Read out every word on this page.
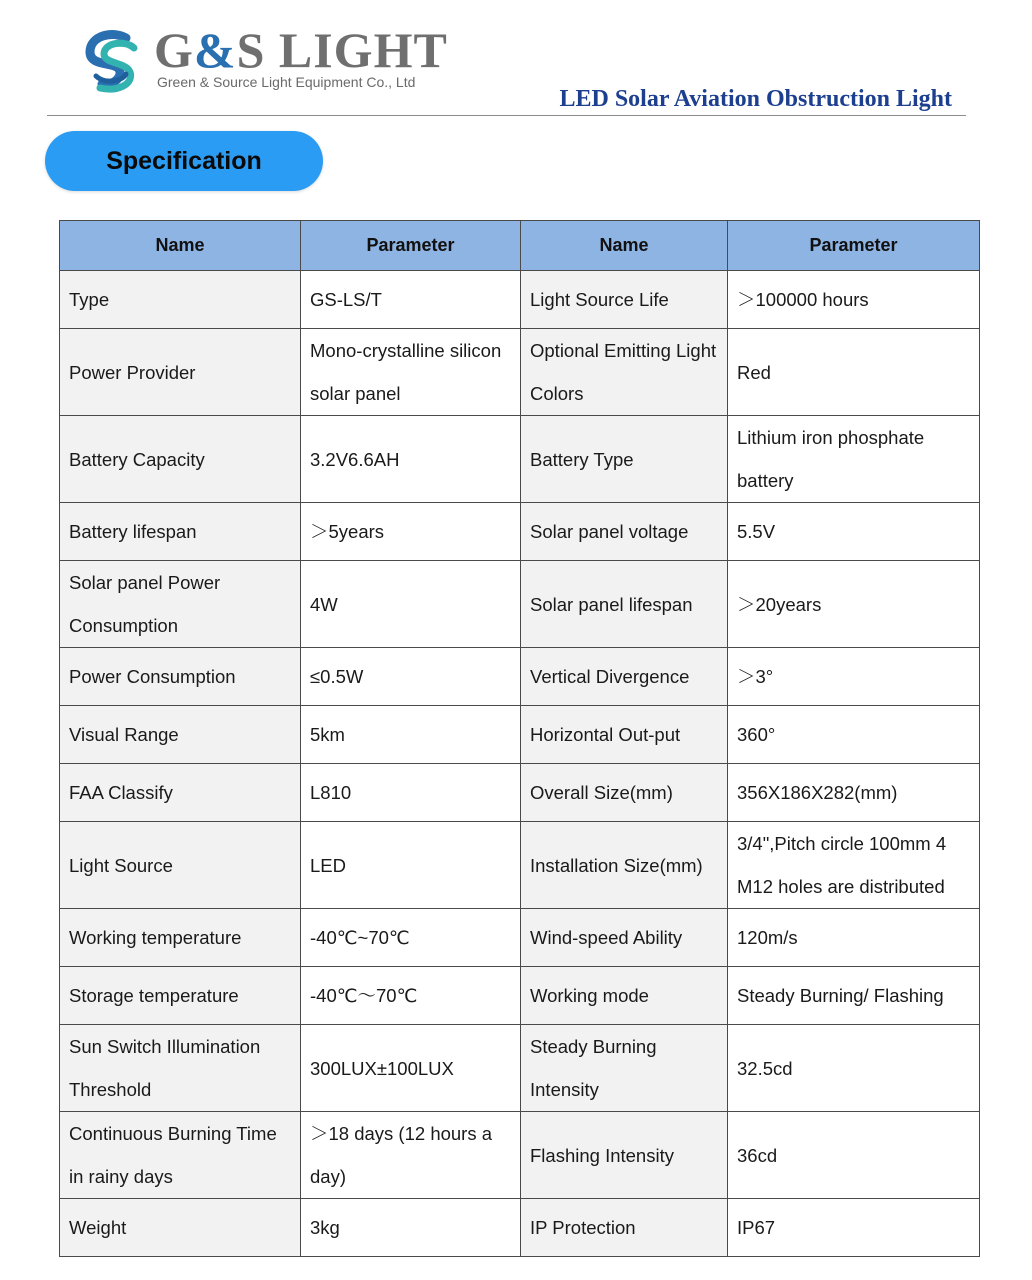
G&S LIGHT
Green & Source Light Equipment Co., Ltd
LED Solar Aviation Obstruction Light
Specification
Name	Parameter	Name	Parameter
Type	GS-LS/T	Light Source Life	＞100000 hours
Power Provider	Mono-crystalline silicon solar panel	Optional Emitting Light Colors	Red
Battery Capacity	3.2V6.6AH	Battery Type	Lithium iron phosphate battery
Battery lifespan	＞5years	Solar panel voltage	5.5V
Solar panel Power Consumption	4W	Solar panel lifespan	＞20years
Power Consumption	≤0.5W	Vertical Divergence	＞3°
Visual Range	5km	Horizontal Out-put	360°
FAA Classify	L810	Overall Size(mm)	356X186X282(mm)
Light Source	LED	Installation Size(mm)	3/4",Pitch circle 100mm 4 M12 holes are distributed
Working temperature	-40℃~70℃	Wind-speed Ability	120m/s
Storage temperature	-40℃～70℃	Working mode	Steady Burning/ Flashing
Sun Switch Illumination Threshold	300LUX±100LUX	Steady Burning Intensity	32.5cd
Continuous Burning Time in rainy days	＞18 days (12 hours a day)	Flashing Intensity	36cd
Weight	3kg	IP Protection	IP67
